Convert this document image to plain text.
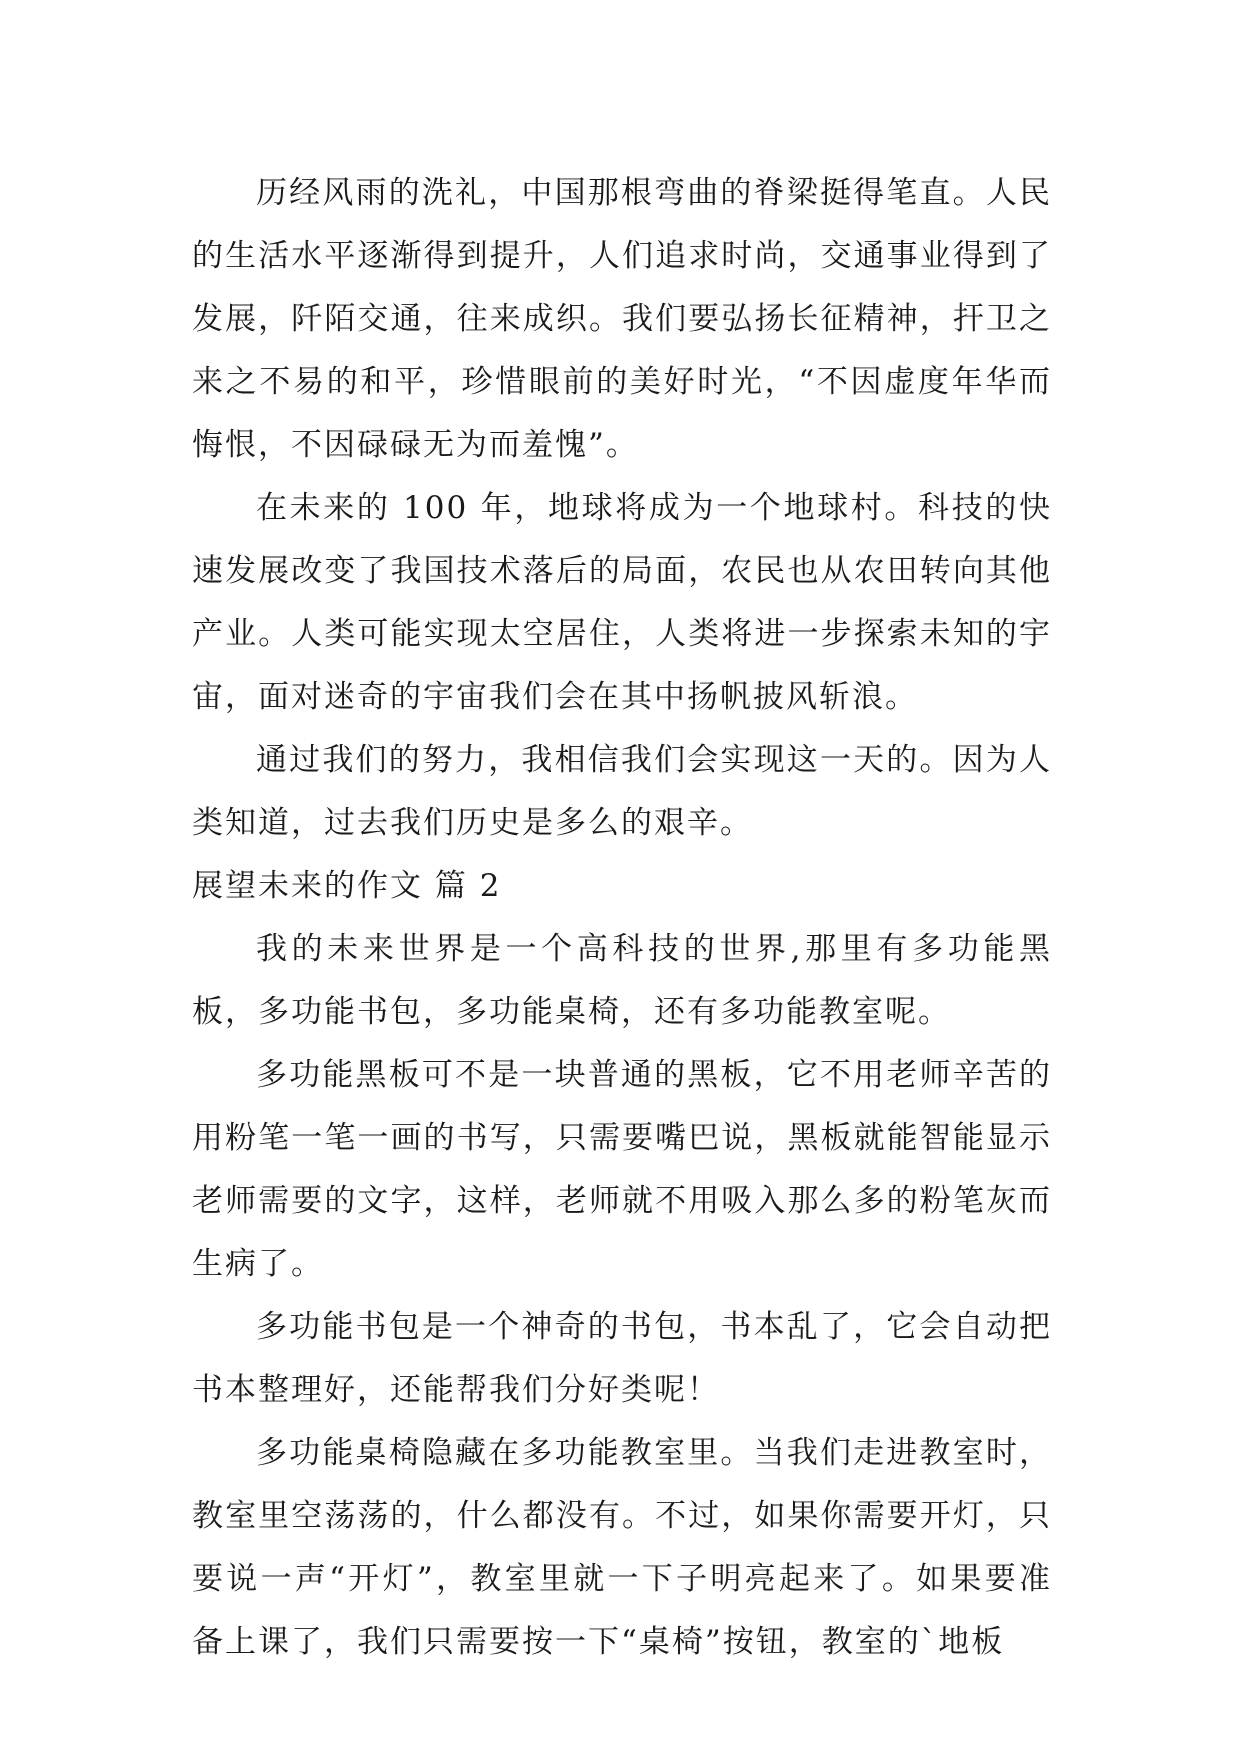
历经风雨的洗礼，中国那根弯曲的脊梁挺得笔直。人民的生活水平逐渐得到提升，人们追求时尚，交通事业得到了发展，阡陌交通，往来成织。我们要弘扬长征精神，扞卫之来之不易的和平，珍惜眼前的美好时光，“不因虚度年华而悔恨，不因碌碌无为而羞愧”。

在未来的 100 年，地球将成为一个地球村。科技的快速发展改变了我国技术落后的局面，农民也从农田转向其他产业。人类可能实现太空居住，人类将进一步探索未知的宇宙，面对迷奇的宇宙我们会在其中扬帆披风斩浪。

通过我们的努力，我相信我们会实现这一天的。因为人类知道，过去我们历史是多么的艰辛。

展望未来的作文 篇 2

我的未来世界是一个高科技的世界,那里有多功能黑板，多功能书包，多功能桌椅，还有多功能教室呢。

多功能黑板可不是一块普通的黑板，它不用老师辛苦的用粉笔一笔一画的书写，只需要嘴巴说，黑板就能智能显示老师需要的文字，这样，老师就不用吸入那么多的粉笔灰而生病了。

多功能书包是一个神奇的书包，书本乱了，它会自动把书本整理好，还能帮我们分好类呢！

多功能桌椅隐藏在多功能教室里。当我们走进教室时，教室里空荡荡的，什么都没有。不过，如果你需要开灯，只要说一声“开灯”，教室里就一下子明亮起来了。如果要准备上课了，我们只需要按一下“桌椅”按钮，教室的`地板
